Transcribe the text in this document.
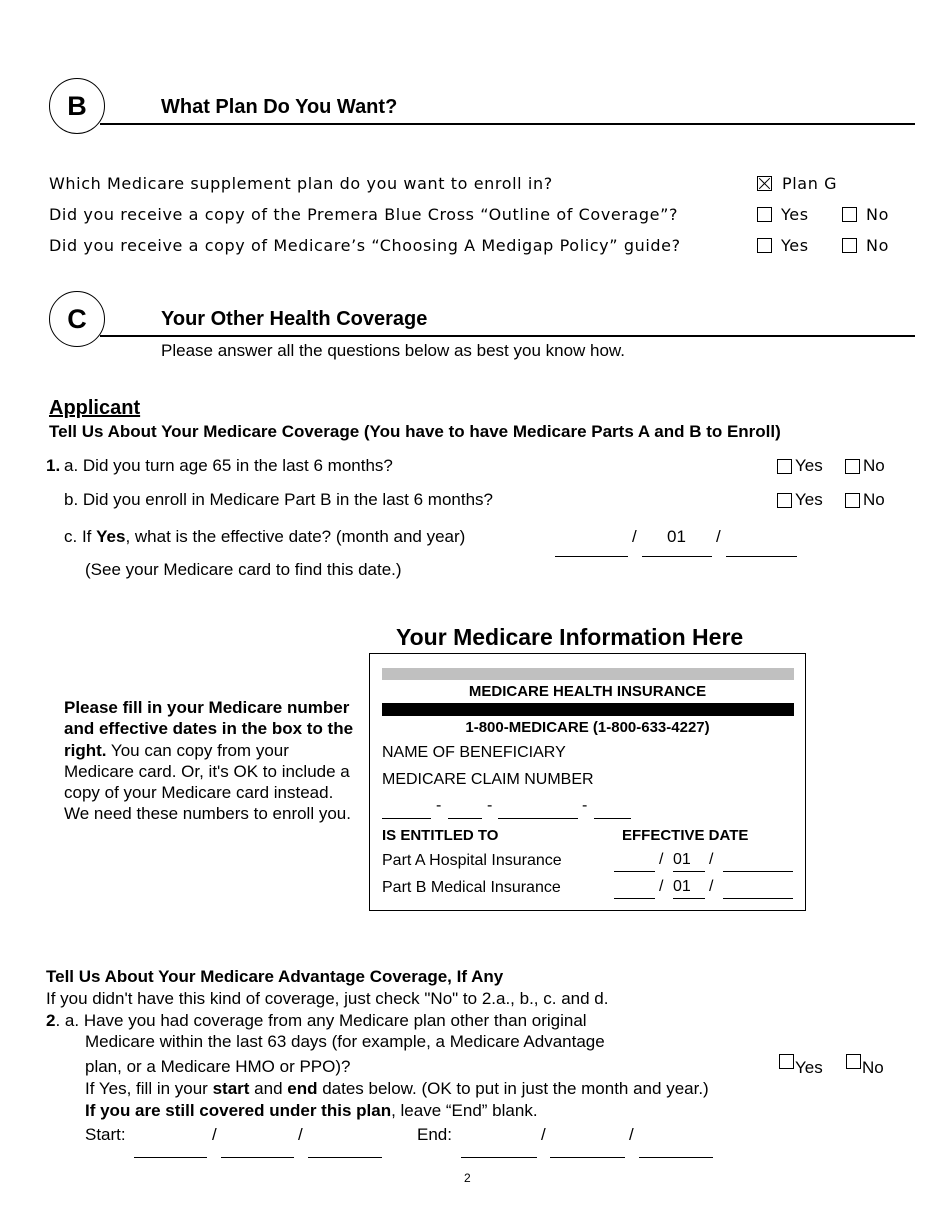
B	What Plan Do You Want?
Which Medicare supplement plan do you want to enroll in?	Plan G
Did you receive a copy of the Premera Blue Cross “Outline of Coverage”?	Yes	No
Did you receive a copy of Medicare’s “Choosing A Medigap Policy” guide?	Yes	No
C	Your Other Health Coverage
Please answer all the questions below as best you know how.
Applicant
Tell Us About Your Medicare Coverage (You have to have Medicare Parts A and B to Enroll)
1. a. Did you turn age 65 in the last 6 months?	Yes No
b. Did you enroll in Medicare Part B in the last 6 months?	Yes No
c. If Yes, what is the effective date? (month and year)	/ 01 /
(See your Medicare card to find this date.)
Your Medicare Information Here
Please fill in your Medicare number and effective dates in the box to the right. You can copy from your Medicare card. Or, it's OK to include a copy of your Medicare card instead. We need these numbers to enroll you.
MEDICARE HEALTH INSURANCE
1-800-MEDICARE (1-800-633-4227)
NAME OF BENEFICIARY
MEDICARE CLAIM NUMBER
-	-	-
IS ENTITLED TO	EFFECTIVE DATE
Part A Hospital Insurance	/ 01 /
Part B Medical Insurance	/ 01 /
Tell Us About Your Medicare Advantage Coverage, If Any
If you didn't have this kind of coverage, just check "No" to 2.a., b., c. and d.
2. a. Have you had coverage from any Medicare plan other than original
Medicare within the last 63 days (for example, a Medicare Advantage
plan, or a Medicare HMO or PPO)?	Yes No
If Yes, fill in your start and end dates below. (OK to put in just the month and year.)
If you are still covered under this plan, leave “End” blank.
Start:	/	/	End:	/	/
2
